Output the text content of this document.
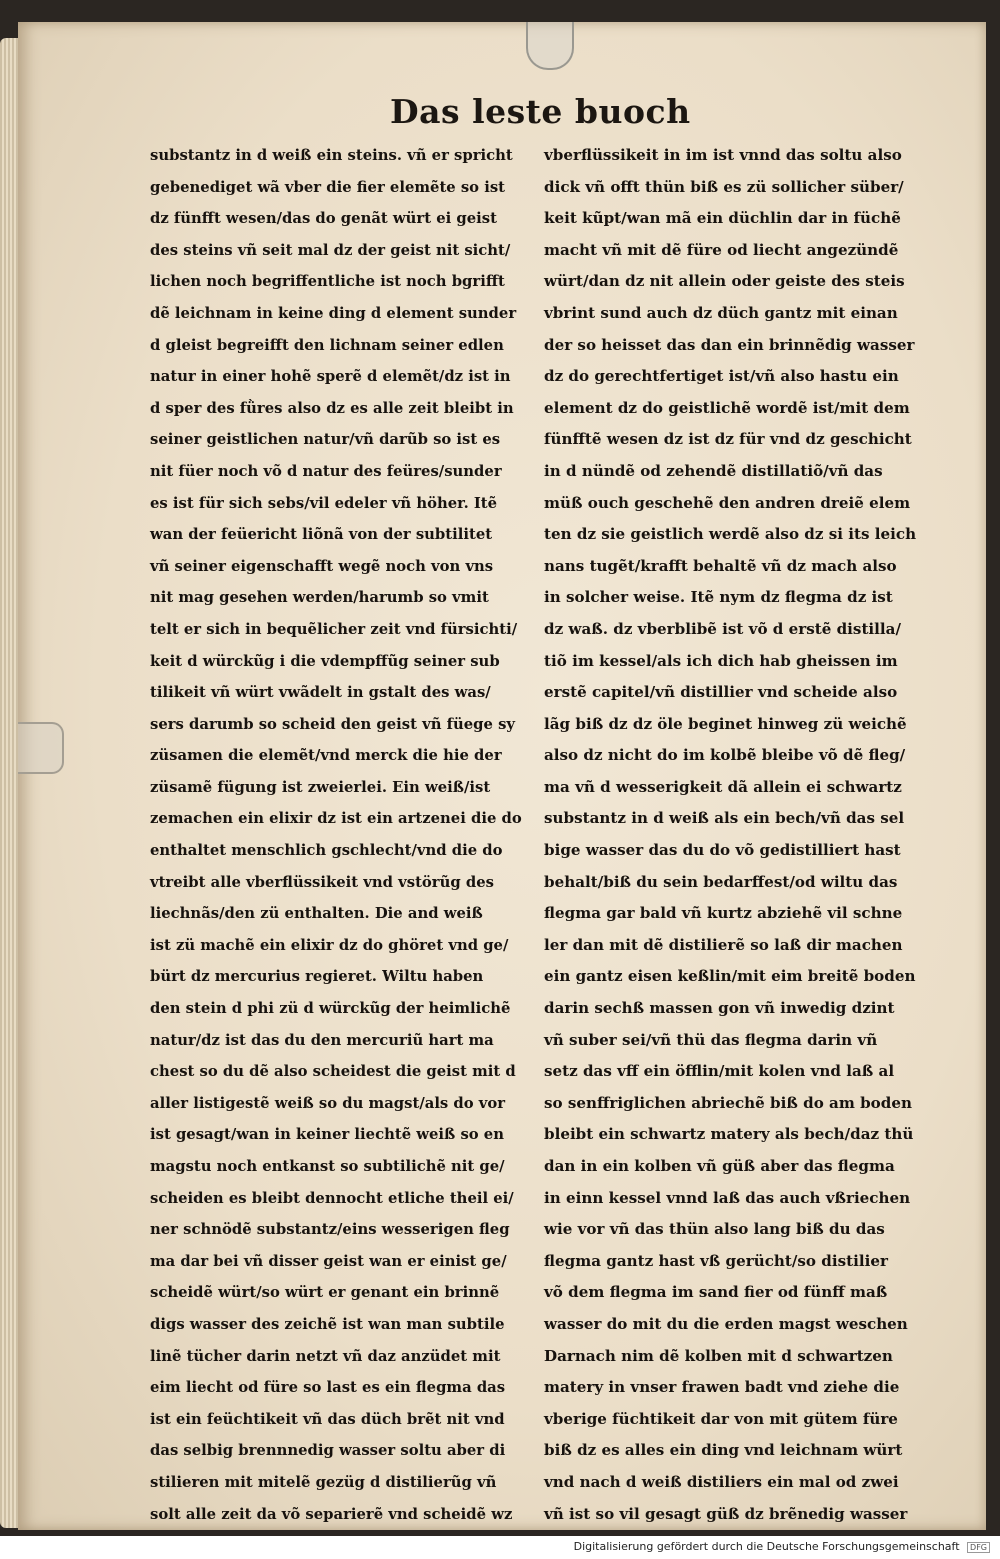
Das leste buoch
substantz in d weiß ein steins. vñ er spricht
gebenediget wã vber die fier elemẽte so ist
dz fünfft wesen/das do genãt würt ei geist
des steins vñ seit mal dz der geist nit sicht/
lichen noch begriffentliche ist noch bgrifft
dẽ leichnam in keine ding d element sunder
d gleist begreifft den lichnam seiner edlen
natur in einer hohẽ sperẽ d elemẽt/dz ist in
d sper des fǜres also dz es alle zeit bleibt in
seiner geistlichen natur/vñ darũb so ist es
nit füer noch võ d natur des feüres/sunder
es ist für sich sebs/vil edeler vñ höher. Itẽ
wan der feüericht liõnã von der subtilitet
vñ seiner eigenschafft wegẽ noch von vns
nit mag gesehen werden/harumb so vmit
telt er sich in bequẽlicher zeit vnd fürsichti/
keit d würckũg i die vdempffũg seiner sub
tilikeit vñ würt vwãdelt in gstalt des was/
sers darumb so scheid den geist vñ füege sy
züsamen die elemẽt/vnd merck die hie der
züsamẽ fügung ist zweierlei. Ein weiß/ist
zemachen ein elixir dz ist ein artzenei die do
enthaltet menschlich gschlecht/vnd die do
vtreibt alle vberflüssikeit vnd vstörũg des
liechnãs/den zü enthalten. Die and weiß
ist zü machẽ ein elixir dz do ghöret vnd ge/
bürt dz mercurius regieret. Wiltu haben
den stein d phi zü d würckũg der heimlichẽ
natur/dz ist das du den mercuriũ hart ma
chest so du dẽ also scheidest die geist mit d
aller listigestẽ weiß so du magst/als do vor
ist gesagt/wan in keiner liechtẽ weiß so en
magstu noch entkanst so subtilichẽ nit ge/
scheiden es bleibt dennocht etliche theil ei/
ner schnödẽ substantz/eins wesserigen fleg
ma dar bei vñ disser geist wan er einist ge/
scheidẽ würt/so würt er genant ein brinnẽ
digs wasser des zeichẽ ist wan man subtile
linẽ tücher darin netzt vñ daz anzüdet mit
eim liecht od füre so last es ein flegma das
ist ein feüchtikeit vñ das düch brẽt nit vnd
das selbig brennnedig wasser soltu aber di
stilieren mit mitelẽ gezüg d distilierũg vñ
solt alle zeit da võ separierẽ vnd scheidẽ wz
vberflüssikeit in im ist vnnd das soltu also
dick vñ offt thün biß es zü sollicher süber/
keit kũpt/wan mã ein düchlin dar in füchẽ
macht vñ mit dẽ füre od liecht angezündẽ
würt/dan dz nit allein oder geiste des steis
vbrint sund auch dz düch gantz mit einan
der so heisset das dan ein brinnẽdig wasser
dz do gerechtfertiget ist/vñ also hastu ein
element dz do geistlichẽ wordẽ ist/mit dem
fünfftẽ wesen dz ist dz für vnd dz geschicht
in d nündẽ od zehendẽ distillatiõ/vñ das
müß ouch geschehẽ den andren dreiẽ elem
ten dz sie geistlich werdẽ also dz si its leich
nans tugẽt/krafft behaltẽ vñ dz mach also
in solcher weise. Itẽ nym dz flegma dz ist
dz waß. dz vberblibẽ ist võ d erstẽ distilla/
tiõ im kessel/als ich dich hab gheissen im
erstẽ capitel/vñ distillier vnd scheide also
lãg biß dz dz öle beginet hinweg zü weichẽ
also dz nicht do im kolbẽ bleibe võ dẽ fleg/
ma vñ d wesserigkeit dã allein ei schwartz
substantz in d weiß als ein bech/vñ das sel
bige wasser das du do võ gedistilliert hast
behalt/biß du sein bedarffest/od wiltu das
flegma gar bald vñ kurtz abziehẽ vil schne
ler dan mit dẽ distilierẽ so laß dir machen
ein gantz eisen keßlin/mit eim breitẽ boden
darin sechß massen gon vñ inwedig dzint
vñ suber sei/vñ thü das flegma darin vñ
setz das vff ein öfflin/mit kolen vnd laß al
so senffriglichen abriechẽ biß do am boden
bleibt ein schwartz matery als bech/daz thü
dan in ein kolben vñ güß aber das flegma
in einn kessel vnnd laß das auch vßriechen
wie vor vñ das thün also lang biß du das
flegma gantz hast vß gerücht/so distilier
võ dem flegma im sand fier od fünff maß
wasser do mit du die erden magst weschen
Darnach nim dẽ kolben mit d schwartzen
matery in vnser frawen badt vnd ziehe die
vberige füchtikeit dar von mit gütem füre
biß dz es alles ein ding vnd leichnam würt
vnd nach d weiß distiliers ein mal od zwei
vñ ist so vil gesagt güß dz brẽnedig wasser
Digitalisierung gefördert durch die Deutsche Forschungsgemeinschaft DFG
